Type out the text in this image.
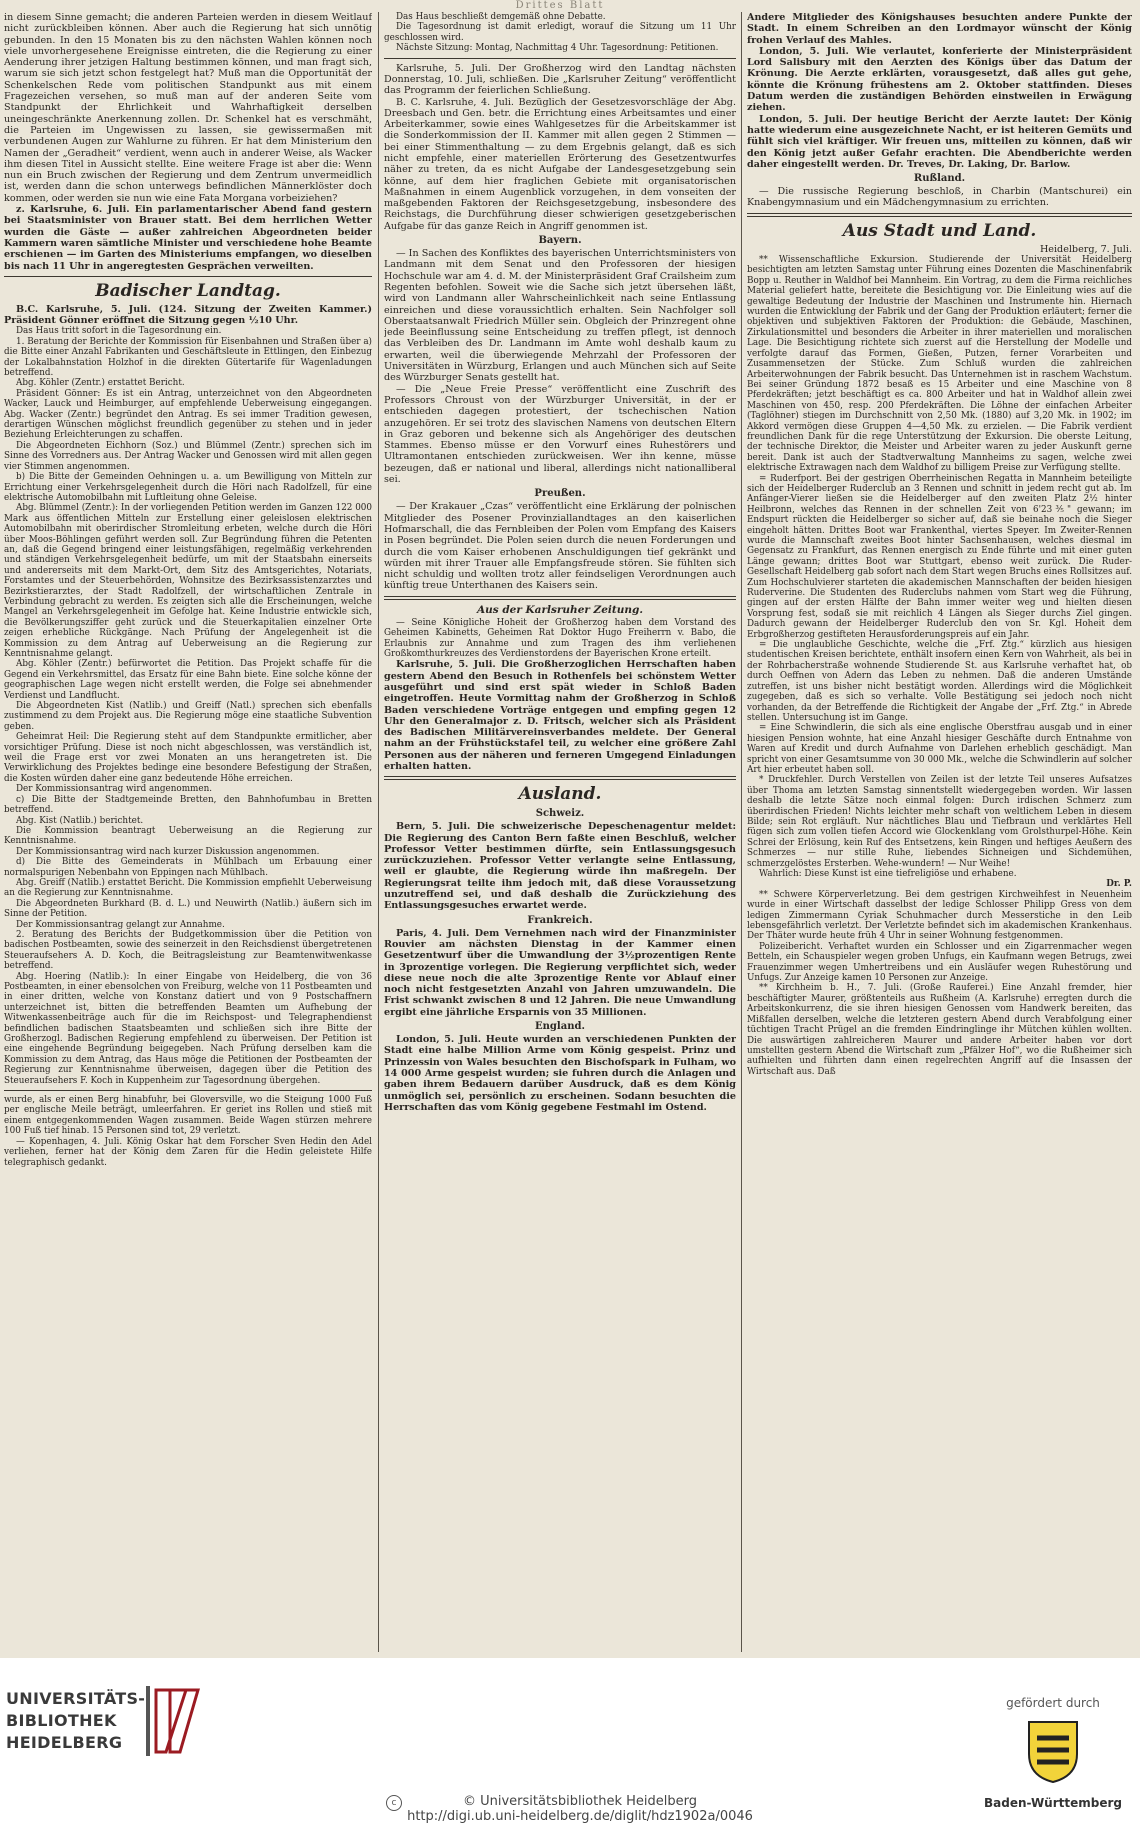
Drittes Blatt

in diesem Sinne gemacht; die anderen Parteien werden in diesem Weitlauf nicht zurückbleiben können. Aber auch die Regierung hat sich unnötig gebunden. In den 15 Monaten bis zu den nächsten Wahlen können noch viele unvorhergesehene Ereignisse eintreten, die die Regierung zu einer Aenderung ihrer jetzigen Haltung bestimmen können, und man fragt sich, warum sie sich jetzt schon festgelegt hat? Muß man die Opportunität der Schenkelschen Rede vom politischen Standpunkt aus mit einem Fragezeichen versehen, so muß man auf der anderen Seite vom Standpunkt der Ehrlichkeit und Wahrhaftigkeit derselben uneingeschränkte Anerkennung zollen. Dr. Schenkel hat es verschmäht, die Parteien im Ungewissen zu lassen, sie gewissermaßen mit verbundenen Augen zur Wahlurne zu führen. Er hat dem Ministerium den Namen der „Geradheit“ verdient, wenn auch in anderer Weise, als Wacker ihm diesen Titel in Aussicht stellte. Eine weitere Frage ist aber die: Wenn nun ein Bruch zwischen der Regierung und dem Zentrum unvermeidlich ist, werden dann die schon unterwegs befindlichen Männerklöster doch kommen, oder werden sie nun wie eine Fata Morgana vorbeiziehen?

z. Karlsruhe, 6. Juli. Ein parlamentarischer Abend fand gestern bei Staatsminister von Brauer statt. Bei dem herrlichen Wetter wurden die Gäste — außer zahlreichen Abgeordneten beider Kammern waren sämtliche Minister und verschiedene hohe Beamte erschienen — im Garten des Ministeriums empfangen, wo dieselben bis nach 11 Uhr in angeregtesten Gesprächen verweilten.

Badischer Landtag.

B.C. Karlsruhe, 5. Juli. (124. Sitzung der Zweiten Kammer.) Präsident Gönner eröffnet die Sitzung gegen ½10 Uhr.

Das Haus tritt sofort in die Tagesordnung ein.

1. Beratung der Berichte der Kommission für Eisenbahnen und Straßen über a) die Bitte einer Anzahl Fabrikanten und Geschäftsleute in Ettlingen, den Einbezug der Lokalbahnstation Holzhof in die direkten Gütertarife für Wagenladungen betreffend.

Abg. Köhler (Zentr.) erstattet Bericht.

Präsident Gönner: Es ist ein Antrag, unterzeichnet von den Abgeordneten Wacker, Lauck und Heimburger, auf empfehlende Ueberweisung eingegangen. Abg. Wacker (Zentr.) begründet den Antrag. Es sei immer Tradition gewesen, derartigen Wünschen möglichst freundlich gegenüber zu stehen und in jeder Beziehung Erleichterungen zu schaffen.

Die Abgeordneten Eichhorn (Soz.) und Blümmel (Zentr.) sprechen sich im Sinne des Vorredners aus. Der Antrag Wacker und Genossen wird mit allen gegen vier Stimmen angenommen.

b) Die Bitte der Gemeinden Oehningen u. a. um Bewilligung von Mitteln zur Errichtung einer Verkehrsgelegenheit durch die Höri nach Radolfzell, für eine elektrische Automobilbahn mit Luftleitung ohne Geleise.

Abg. Blümmel (Zentr.): In der vorliegenden Petition werden im Ganzen 122 000 Mark aus öffentlichen Mitteln zur Erstellung einer geleislosen elektrischen Automobilbahn mit oberirdischer Stromleitung erbeten, welche durch die Höri über Moos-Böhlingen geführt werden soll. Zur Begründung führen die Petenten an, daß die Gegend bringend einer leistungsfähigen, regelmäßig verkehrenden und ständigen Verkehrsgelegenheit bedürfe, um mit der Staatsbahn einerseits und andererseits mit dem Markt-Ort, dem Sitz des Amtsgerichtes, Notariats, Forstamtes und der Steuerbehörden, Wohnsitze des Bezirksassistenzarztes und Bezirkstierarztes, der Stadt Radolfzell, der wirtschaftlichen Zentrale in Verbindung gebracht zu werden. Es zeigten sich alle die Erscheinungen, welche Mangel an Verkehrsgelegenheit im Gefolge hat. Keine Industrie entwickle sich, die Bevölkerungsziffer geht zurück und die Steuerkapitalien einzelner Orte zeigen erhebliche Rückgänge. Nach Prüfung der Angelegenheit ist die Kommission zu dem Antrag auf Ueberweisung an die Regierung zur Kenntnisnahme gelangt.

Abg. Köhler (Zentr.) befürwortet die Petition. Das Projekt schaffe für die Gegend ein Verkehrsmittel, das Ersatz für eine Bahn biete. Eine solche könne der geographischen Lage wegen nicht erstellt werden, die Folge sei abnehmender Verdienst und Landflucht.

Die Abgeordneten Kist (Natlib.) und Greiff (Natl.) sprechen sich ebenfalls zustimmend zu dem Projekt aus. Die Regierung möge eine staatliche Subvention geben.

Geheimrat Heil: Die Regierung steht auf dem Standpunkte ermitlicher, aber vorsichtiger Prüfung. Diese ist noch nicht abgeschlossen, was verständlich ist, weil die Frage erst vor zwei Monaten an uns herangetreten ist. Die Verwirklichung des Projektes bedinge eine besondere Befestigung der Straßen, die Kosten würden daher eine ganz bedeutende Höhe erreichen.

Der Kommissionsantrag wird angenommen.

c) Die Bitte der Stadtgemeinde Bretten, den Bahnhofumbau in Bretten betreffend.

Abg. Kist (Natlib.) berichtet.

Die Kommission beantragt Ueberweisung an die Regierung zur Kenntnisnahme.

Der Kommissionsantrag wird nach kurzer Diskussion angenommen.

d) Die Bitte des Gemeinderats in Mühlbach um Erbauung einer normalspurigen Nebenbahn von Eppingen nach Mühlbach.

Abg. Greiff (Natlib.) erstattet Bericht. Die Kommission empfiehlt Ueberweisung an die Regierung zur Kenntnisnahme.

Die Abgeordneten Burkhard (B. d. L.) und Neuwirth (Natlib.) äußern sich im Sinne der Petition.

Der Kommissionsantrag gelangt zur Annahme.

2. Beratung des Berichts der Budgetkommission über die Petition von badischen Postbeamten, sowie des seinerzeit in den Reichsdienst übergetretenen Steueraufsehers A. D. Koch, die Beitragsleistung zur Beamtenwitwenkasse betreffend.

Abg. Hoering (Natlib.): In einer Eingabe von Heidelberg, die von 36 Postbeamten, in einer ebensolchen von Freiburg, welche von 11 Postbeamten und in einer dritten, welche von Konstanz datiert und von 9 Postschaffnern unterzeichnet ist, bitten die betreffenden Beamten um Aufhebung der Witwenkassenbeiträge auch für die im Reichspost- und Telegraphendienst befindlichen badischen Staatsbeamten und schließen sich ihre Bitte der Großherzogl. Badischen Regierung empfehlend zu überweisen. Der Petition ist eine eingehende Begründung beigegeben. Nach Prüfung derselben kam die Kommission zu dem Antrag, das Haus möge die Petitionen der Postbeamten der Regierung zur Kenntnisnahme überweisen, dagegen über die Petition des Steueraufsehers F. Koch in Kuppenheim zur Tagesordnung übergehen.

wurde, als er einen Berg hinabfuhr, bei Gloversville, wo die Steigung 1000 Fuß per englische Meile beträgt, umleerfahren. Er geriet ins Rollen und stieß mit einem entgegenkommenden Wagen zusammen. Beide Wagen stürzen mehrere 100 Fuß tief hinab. 15 Personen sind tot, 29 verletzt.

— Kopenhagen, 4. Juli. König Oskar hat dem Forscher Sven Hedin den Adel verliehen, ferner hat der König dem Zaren für die Hedin geleistete Hilfe telegraphisch gedankt.

Das Haus beschließt demgemäß ohne Debatte.

Die Tagesordnung ist damit erledigt, worauf die Sitzung um 11 Uhr geschlossen wird.

Nächste Sitzung: Montag, Nachmittag 4 Uhr. Tagesordnung: Petitionen.

Karlsruhe, 5. Juli. Der Großherzog wird den Landtag nächsten Donnerstag, 10. Juli, schließen. Die „Karlsruher Zeitung“ veröffentlicht das Programm der feierlichen Schließung.

B. C. Karlsruhe, 4. Juli. Bezüglich der Gesetzesvorschläge der Abg. Dreesbach und Gen. betr. die Errichtung eines Arbeitsamtes und einer Arbeiterkammer, sowie eines Wahlgesetzes für die Arbeitskammer ist die Sonderkommission der II. Kammer mit allen gegen 2 Stimmen — bei einer Stimmenthaltung — zu dem Ergebnis gelangt, daß es sich nicht empfehle, einer materiellen Erörterung des Gesetzentwurfes näher zu treten, da es nicht Aufgabe der Landesgesetzgebung sein könne, auf dem hier fraglichen Gebiete mit organisatorischen Maßnahmen in einem Augenblick vorzugehen, in dem vonseiten der maßgebenden Faktoren der Reichsgesetzgebung, insbesondere des Reichstags, die Durchführung dieser schwierigen gesetzgeberischen Aufgabe für das ganze Reich in Angriff genommen ist.

Bayern.

— In Sachen des Konfliktes des bayerischen Unterrichtsministers von Landmann mit dem Senat und den Professoren der hiesigen Hochschule war am 4. d. M. der Ministerpräsident Graf Crailsheim zum Regenten befohlen. Soweit wie die Sache sich jetzt übersehen läßt, wird von Landmann aller Wahrscheinlichkeit nach seine Entlassung einreichen und diese voraussichtlich erhalten. Sein Nachfolger soll Oberstaatsanwalt Friedrich Müller sein. Obgleich der Prinzregent ohne jede Beeinflussung seine Entscheidung zu treffen pflegt, ist dennoch das Verbleiben des Dr. Landmann im Amte wohl deshalb kaum zu erwarten, weil die überwiegende Mehrzahl der Professoren der Universitäten in Würzburg, Erlangen und auch München sich auf Seite des Würzburger Senats gestellt hat.

— Die „Neue Freie Presse“ veröffentlicht eine Zuschrift des Professors Chroust von der Würzburger Universität, in der er entschieden dagegen protestiert, der tschechischen Nation anzugehören. Er sei trotz des slavischen Namens von deutschen Eltern in Graz geboren und bekenne sich als Angehöriger des deutschen Stammes. Ebenso müsse er den Vorwurf eines Ruhestörers und Ultramontanen entschieden zurückweisen. Wer ihn kenne, müsse bezeugen, daß er national und liberal, allerdings nicht nationalliberal sei.

Preußen.

— Der Krakauer „Czas“ veröffentlicht eine Erklärung der polnischen Mitglieder des Posener Provinziallandtages an den kaiserlichen Hofmarschall, die das Fernbleiben der Polen vom Empfang des Kaisers in Posen begründet. Die Polen seien durch die neuen Forderungen und durch die vom Kaiser erhobenen Anschuldigungen tief gekränkt und würden mit ihrer Trauer alle Empfangsfreude stören. Sie fühlten sich nicht schuldig und wollten trotz aller feindseligen Verordnungen auch künftig treue Unterthanen des Kaisers sein.

Aus der Karlsruher Zeitung.

— Seine Königliche Hoheit der Großherzog haben dem Vorstand des Geheimen Kabinetts, Geheimen Rat Doktor Hugo Freiherrn v. Babo, die Erlaubnis zur Annahme und zum Tragen des ihm verliehenen Großkomthurkreuzes des Verdienstordens der Bayerischen Krone erteilt.

Karlsruhe, 5. Juli. Die Großherzoglichen Herrschaften haben gestern Abend den Besuch in Rothenfels bei schönstem Wetter ausgeführt und sind erst spät wieder in Schloß Baden eingetroffen. Heute Vormittag nahm der Großherzog in Schloß Baden verschiedene Vorträge entgegen und empfing gegen 12 Uhr den Generalmajor z. D. Fritsch, welcher sich als Präsident des Badischen Militärvereinsverbandes meldete. Der General nahm an der Frühstückstafel teil, zu welcher eine größere Zahl Personen aus der näheren und ferneren Umgegend Einladungen erhalten hatten.

Ausland.
Schweiz.

Bern, 5. Juli. Die schweizerische Depeschenagentur meldet: Die Regierung des Canton Bern faßte einen Beschluß, welcher Professor Vetter bestimmen dürfte, sein Entlassungsgesuch zurückzuziehen. Professor Vetter verlangte seine Entlassung, weil er glaubte, die Regierung würde ihn maßregeln. Der Regierungsrat teilte ihm jedoch mit, daß diese Voraussetzung unzutreffend sei, und daß deshalb die Zurückziehung des Entlassungsgesuches erwartet werde.

Frankreich.

Paris, 4. Juli. Dem Vernehmen nach wird der Finanzminister Rouvier am nächsten Dienstag in der Kammer einen Gesetzentwurf über die Umwandlung der 3½prozentigen Rente in 3prozentige vorlegen. Die Regierung verpflichtet sich, weder diese neue noch die alte 3prozentige Rente vor Ablauf einer noch nicht festgesetzten Anzahl von Jahren umzuwandeln. Die Frist schwankt zwischen 8 und 12 Jahren. Die neue Umwandlung ergibt eine jährliche Ersparnis von 35 Millionen.

England.

London, 5. Juli. Heute wurden an verschiedenen Punkten der Stadt eine halbe Million Arme vom König gespeist. Prinz und Prinzessin von Wales besuchten den Bischofspark in Fulham, wo 14 000 Arme gespeist wurden; sie fuhren durch die Anlagen und gaben ihrem Bedauern darüber Ausdruck, daß es dem König unmöglich sei, persönlich zu erscheinen. Sodann besuchten die Herrschaften das vom König gegebene Festmahl im Ostend.

Andere Mitglieder des Königshauses besuchten andere Punkte der Stadt. In einem Schreiben an den Lordmayor wünscht der König frohen Verlauf des Mahles.

London, 5. Juli. Wie verlautet, konferierte der Ministerpräsident Lord Salisbury mit den Aerzten des Königs über das Datum der Krönung. Die Aerzte erklärten, vorausgesetzt, daß alles gut gehe, könnte die Krönung frühestens am 2. Oktober stattfinden. Dieses Datum werden die zuständigen Behörden einstweilen in Erwägung ziehen.

London, 5. Juli. Der heutige Bericht der Aerzte lautet: Der König hatte wiederum eine ausgezeichnete Nacht, er ist heiteren Gemüts und fühlt sich viel kräftiger. Wir freuen uns, mitteilen zu können, daß wir den König jetzt außer Gefahr erachten. Die Abendberichte werden daher eingestellt werden. Dr. Treves, Dr. Laking, Dr. Barlow.

Rußland.

— Die russische Regierung beschloß, in Charbin (Mantschurei) ein Knabengymnasium und ein Mädchengymnasium zu errichten.

Aus Stadt und Land.
Heidelberg, 7. Juli.

** Wissenschaftliche Exkursion. Studierende der Universität Heidelberg besichtigten am letzten Samstag unter Führung eines Dozenten die Maschinenfabrik Bopp u. Reuther in Waldhof bei Mannheim. Ein Vortrag, zu dem die Firma reichliches Material geliefert hatte, bereitete die Besichtigung vor. Die Einleitung wies auf die gewaltige Bedeutung der Industrie der Maschinen und Instrumente hin. Hiernach wurden die Entwicklung der Fabrik und der Gang der Produktion erläutert; ferner die objektiven und subjektiven Faktoren der Produktion: die Gebäude, Maschinen, Zirkulationsmittel und besonders die Arbeiter in ihrer materiellen und moralischen Lage. Die Besichtigung richtete sich zuerst auf die Herstellung der Modelle und verfolgte darauf das Formen, Gießen, Putzen, ferner Vorarbeiten und Zusammensetzen der Stücke. Zum Schluß wurden die zahlreichen Arbeiterwohnungen der Fabrik besucht. Das Unternehmen ist in raschem Wachstum. Bei seiner Gründung 1872 besaß es 15 Arbeiter und eine Maschine von 8 Pferdekräften; jetzt beschäftigt es ca. 800 Arbeiter und hat in Waldhof allein zwei Maschinen von 450, resp. 200 Pferdekräften. Die Löhne der einfachen Arbeiter (Taglöhner) stiegen im Durchschnitt von 2,50 Mk. (1880) auf 3,20 Mk. in 1902; im Akkord vermögen diese Gruppen 4—4,50 Mk. zu erzielen. — Die Fabrik verdient freundlichen Dank für die rege Unterstützung der Exkursion. Die oberste Leitung, der technische Direktor, die Meister und Arbeiter waren zu jeder Auskunft gerne bereit. Dank ist auch der Stadtverwaltung Mannheims zu sagen, welche zwei elektrische Extrawagen nach dem Waldhof zu billigem Preise zur Verfügung stellte.

= Ruderfport. Bei der gestrigen Oberrheinischen Regatta in Mannheim beteiligte sich der Heidelberger Ruderclub an 3 Rennen und schnitt in jedem recht gut ab. Im Anfänger-Vierer ließen sie die Heidelberger auf den zweiten Platz 2½ hinter Heilbronn, welches das Rennen in der schnellen Zeit von 6'23⅗" gewann; im Endspurt rückten die Heidelberger so sicher auf, daß sie beinahe noch die Sieger eingeholt hätten. Drittes Boot war Frankenthal, viertes Speyer. Im Zweiter-Rennen wurde die Mannschaft zweites Boot hinter Sachsenhausen, welches diesmal im Gegensatz zu Frankfurt, das Rennen energisch zu Ende führte und mit einer guten Länge gewann; drittes Boot war Stuttgart, ebenso weit zurück. Die Ruder-Gesellschaft Heidelberg gab sofort nach dem Start wegen Bruchs eines Rollsitzes auf. Zum Hochschulvierer starteten die akademischen Mannschaften der beiden hiesigen Ruderverine. Die Studenten des Ruderclubs nahmen vom Start weg die Führung, gingen auf der ersten Hälfte der Bahn immer weiter weg und hielten diesen Vorsprung fest, sodaß sie mit reichlich 4 Längen als Sieger durchs Ziel gingen. Dadurch gewann der Heidelberger Ruderclub den von Sr. Kgl. Hoheit dem Erbgroßherzog gestifteten Herausforderungspreis auf ein Jahr.

= Die unglaubliche Geschichte, welche die „Frf. Ztg.“ kürzlich aus hiesigen studentischen Kreisen berichtete, enthält insofern einen Kern von Wahrheit, als bei in der Rohrbacherstraße wohnende Studierende St. aus Karlsruhe verhaftet hat, ob durch Oeffnen von Adern das Leben zu nehmen. Daß die anderen Umstände zutreffen, ist uns bisher nicht bestätigt worden. Allerdings wird die Möglichkeit zugegeben, daß es sich so verhalte. Volle Bestätigung sei jedoch noch nicht vorhanden, da der Betreffende die Richtigkeit der Angabe der „Frf. Ztg.“ in Abrede stellen. Untersuchung ist im Gange.

= Eine Schwindlerin, die sich als eine englische Oberstfrau ausgab und in einer hiesigen Pension wohnte, hat eine Anzahl hiesiger Geschäfte durch Entnahme von Waren auf Kredit und durch Aufnahme von Darlehen erheblich geschädigt. Man spricht von einer Gesamtsumme von 30 000 Mk., welche die Schwindlerin auf solcher Art hier erbeutet haben soll.

* Druckfehler. Durch Verstellen von Zeilen ist der letzte Teil unseres Aufsatzes über Thoma am letzten Samstag sinnentstellt wiedergegeben worden. Wir lassen deshalb die letzte Sätze noch einmal folgen: Durch irdischen Schmerz zum überirdischen Frieden! Nichts leichter mehr schaft von weltlichem Leben in diesem Bilde; sein Rot ergläuft. Nur nächtliches Blau und Tiefbraun und verklärtes Hell fügen sich zum vollen tiefen Accord wie Glockenklang vom Grolsthurpel-Höhe. Kein Schrei der Erlösung, kein Ruf des Entsetzens, kein Ringen und heftiges Aeußern des Schmerzes — nur stille Ruhe, liebendes Sichneigen und Sichdemühen, schmerzgelöstes Ersterben. Wehe-wundern! — Nur Weihe!

Wahrlich: Diese Kunst ist eine tiefreligiöse und erhabene.

Dr. P.

** Schwere Körperverletzung. Bei dem gestrigen Kirchweihfest in Neuenheim wurde in einer Wirtschaft dasselbst der ledige Schlosser Philipp Gress von dem ledigen Zimmermann Cyriak Schuhmacher durch Messerstiche in den Leib lebensgefährlich verletzt. Der Verletzte befindet sich im akademischen Krankenhaus. Der Thäter wurde heute früh 4 Uhr in seiner Wohnung festgenommen.

Polizeibericht. Verhaftet wurden ein Schlosser und ein Zigarrenmacher wegen Betteln, ein Schauspieler wegen groben Unfugs, ein Kaufmann wegen Betrugs, zwei Frauenzimmer wegen Umhertreibens und ein Ausläufer wegen Ruhestörung und Unfugs. Zur Anzeige kamen 10 Personen zur Anzeige.

** Kirchheim b. H., 7. Juli. (Große Rauferei.) Eine Anzahl fremder, hier beschäftigter Maurer, größtenteils aus Rußheim (A. Karlsruhe) erregten durch die Arbeitskonkurrenz, die sie ihren hiesigen Genossen vom Handwerk bereiten, das Mißfallen derselben, welche die letzteren gestern Abend durch Verabfolgung einer tüchtigen Tracht Prügel an die fremden Eindringlinge ihr Mütchen kühlen wollten. Die auswärtigen zahlreicheren Maurer und andere Arbeiter haben vor dort umstellten gestern Abend die Wirtschaft zum „Pfälzer Hof“, wo die Rußheimer sich aufhielten und führten dann einen regelrechten Angriff auf die Insassen der Wirtschaft aus. Daß

UNIVERSITÄTS-
BIBLIOTHEK
HEIDELBERG
c	© Universitätsbibliothek Heidelberg
http://digi.ub.uni-heidelberg.de/diglit/hdz1902a/0046
gefördert durch
Baden-Württemberg
